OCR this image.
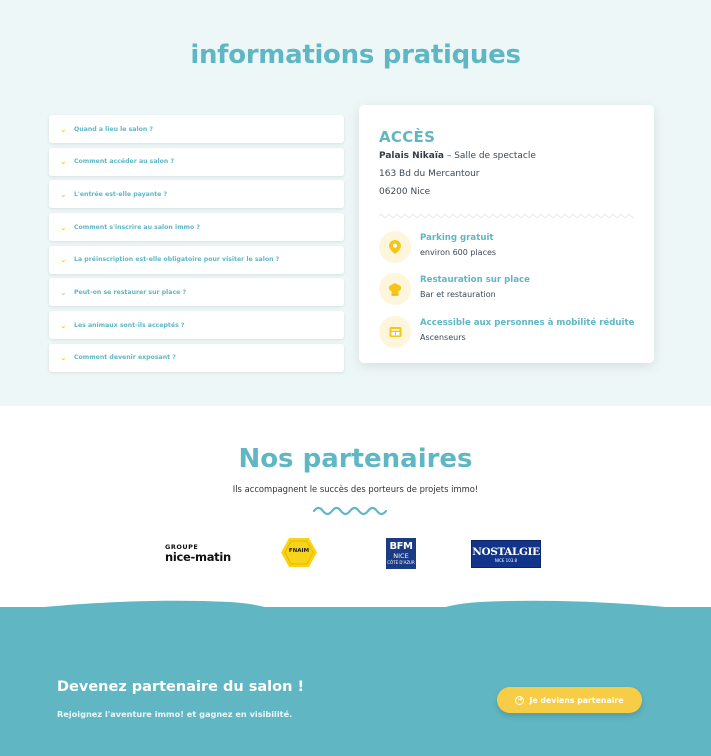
informations pratiques
⌄	Quand a lieu le salon ?
⌄	Comment accéder au salon ?
⌄	L'entrée est-elle payante ?
⌄	Comment s'inscrire au salon immo ?
⌄	La préinscription est-elle obligatoire pour visiter le salon ?
⌄	Peut-on se restaurer sur place ?
⌄	Les animaux sont-ils acceptés ?
⌄	Comment devenir exposant ?
ACCÈS
Palais Nikaïa – Salle de spectacle
163 Bd du Mercantour
06200 Nice
Parking gratuit
environ 600 places
Restauration sur place
Bar et restauration
Accessible aux personnes à mobilité réduite
Ascenseurs
Nos partenaires

Ils accompagnent le succès des porteurs de projets immo!

GROUPE
nice-matin	FNAIM	BFM
NICE
CÔTE D'AZUR
NOSTALGIE
NICE 103.8
Devenez partenaire du salon !
Rejoignez l'aventure immo! et gagnez en visibilité.
➜ Je deviens partenaire
